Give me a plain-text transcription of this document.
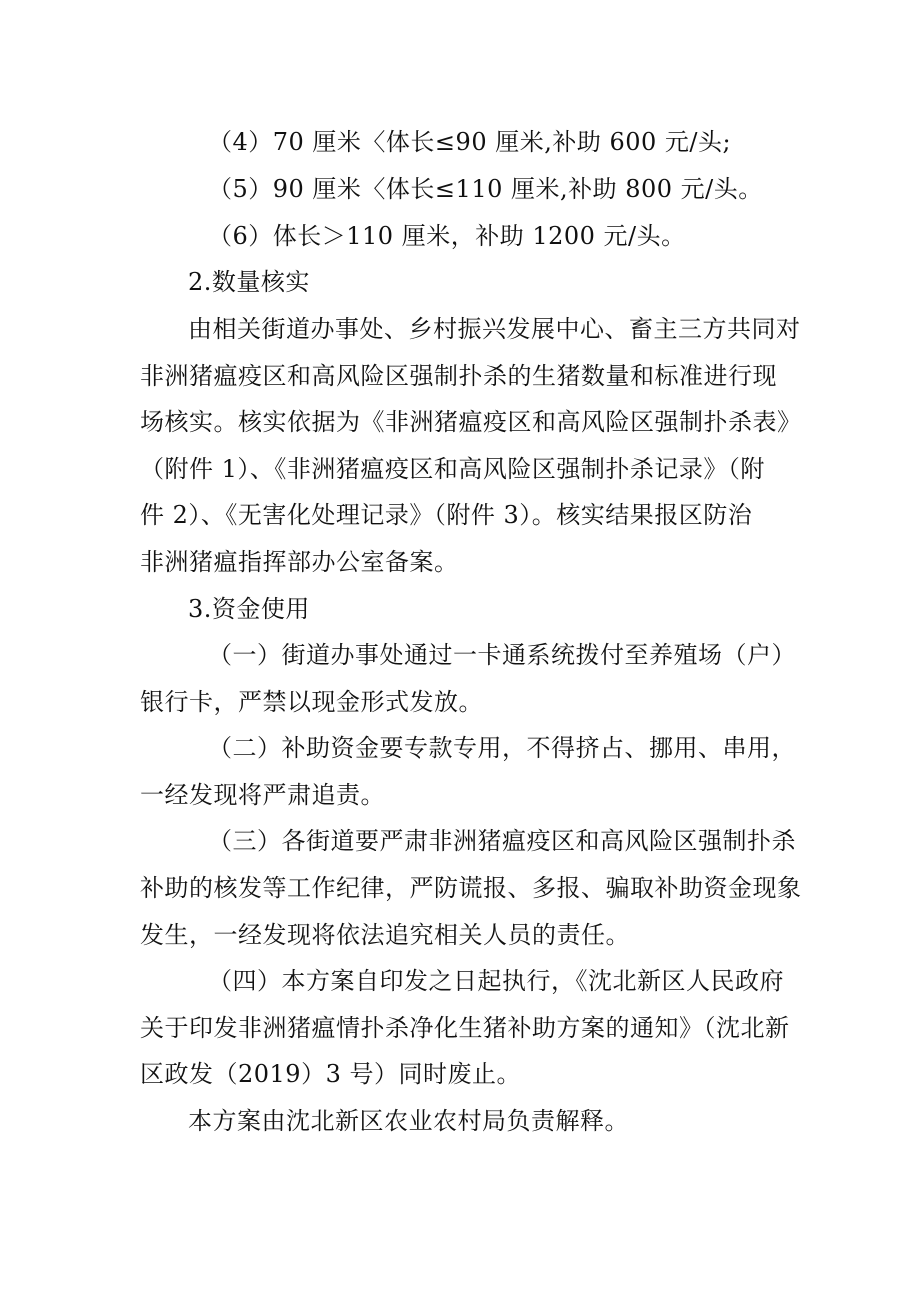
（4）70 厘米〈体长≤90 厘米,补助 600 元/头;
（5）90 厘米〈体长≤110 厘米,补助 800 元/头。
（6）体长＞110 厘米，补助 1200 元/头。
2.数量核实
由相关街道办事处、乡村振兴发展中心、畜主三方共同对
非洲猪瘟疫区和高风险区强制扑杀的生猪数量和标准进行现
场核实。核实依据为《非洲猪瘟疫区和高风险区强制扑杀表》
（附件 1）、《非洲猪瘟疫区和高风险区强制扑杀记录》（附
件 2）、《无害化处理记录》（附件 3）。核实结果报区防治
非洲猪瘟指挥部办公室备案。
3.资金使用
（一）街道办事处通过一卡通系统拨付至养殖场（户）
银行卡，严禁以现金形式发放。
（二）补助资金要专款专用，不得挤占、挪用、串用，
一经发现将严肃追责。
（三）各街道要严肃非洲猪瘟疫区和高风险区强制扑杀
补助的核发等工作纪律，严防谎报、多报、骗取补助资金现象
发生，一经发现将依法追究相关人员的责任。
（四）本方案自印发之日起执行，《沈北新区人民政府
关于印发非洲猪瘟情扑杀净化生猪补助方案的通知》（沈北新
区政发（2019）3 号）同时废止。
本方案由沈北新区农业农村局负责解释。
